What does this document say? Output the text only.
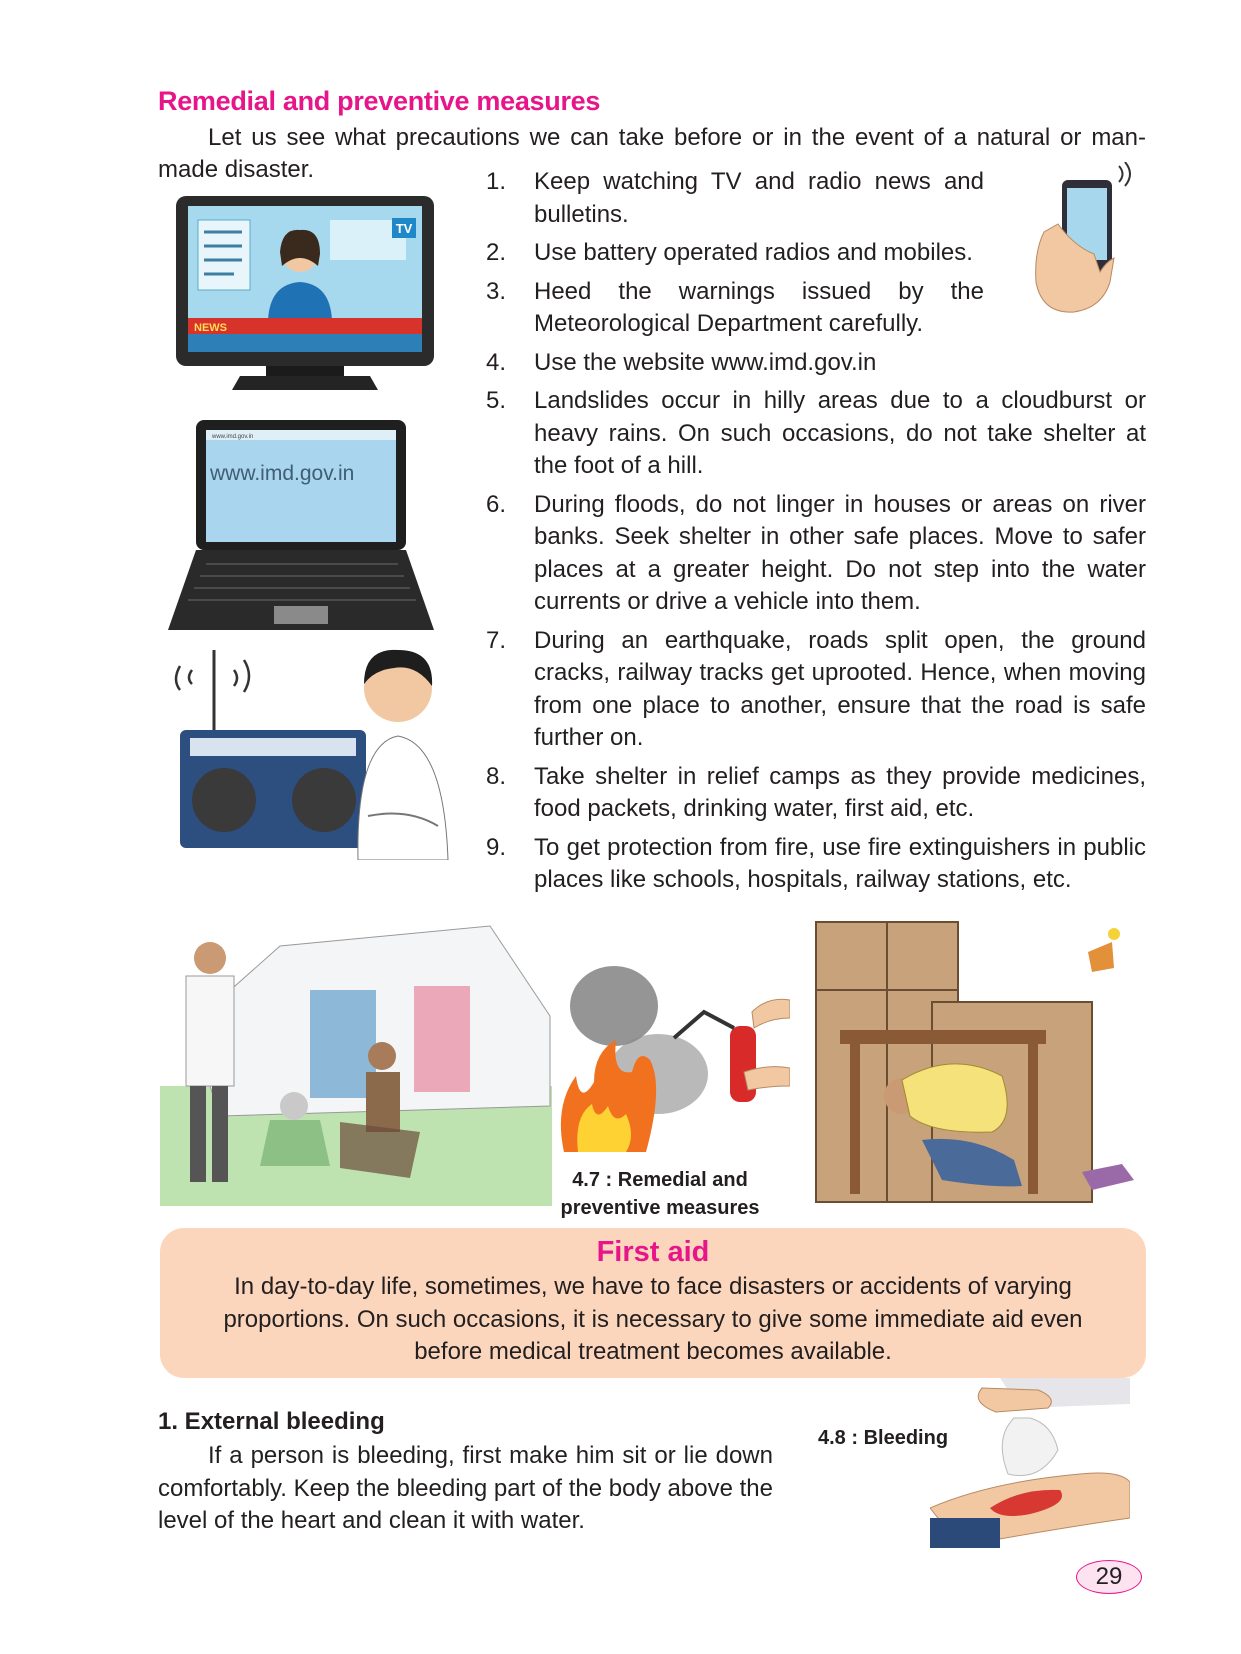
Remedial and preventive measures
Let us see what precautions we can take before or in the event of a natural or man-made disaster.	1. Keep watching TV and radio news and bulletins.
2. Use battery operated radios and mobiles.
3. Heed the warnings issued by the Meteorological Department carefully.
4. Use the website www.imd.gov.in
5. Landslides occur in hilly areas due to a cloudburst or heavy rains. On such occasions, do not take shelter at the foot of a hill.
6. During floods, do not linger in houses or areas on river banks. Seek shelter in other safe places. Move to safer places at a greater height. Do not step into the water currents or drive a vehicle into them.
7. During an earthquake, roads split open, the ground cracks, railway tracks get uprooted. Hence, when moving from one place to another, ensure that the road is safe further on.
8. Take shelter in relief camps as they provide medicines, food packets, drinking water, first aid, etc.
9. To get protection from fire, use fire extinguishers in public places like schools, hospitals, railway stations, etc.
TV
NEWS
www.imd.gov.in
www.imd.gov.in
4.7 : Remedial and preventive measures
First aid
In day-to-day life, sometimes, we have to face disasters or accidents of varying proportions. On such occasions, it is necessary to give some immediate aid even before medical treatment becomes available.
1. External bleeding
If a person is bleeding, first make him sit or lie down comfortably. Keep the bleeding part of the body above the level of the heart and clean it with water.
4.8 : Bleeding
29
